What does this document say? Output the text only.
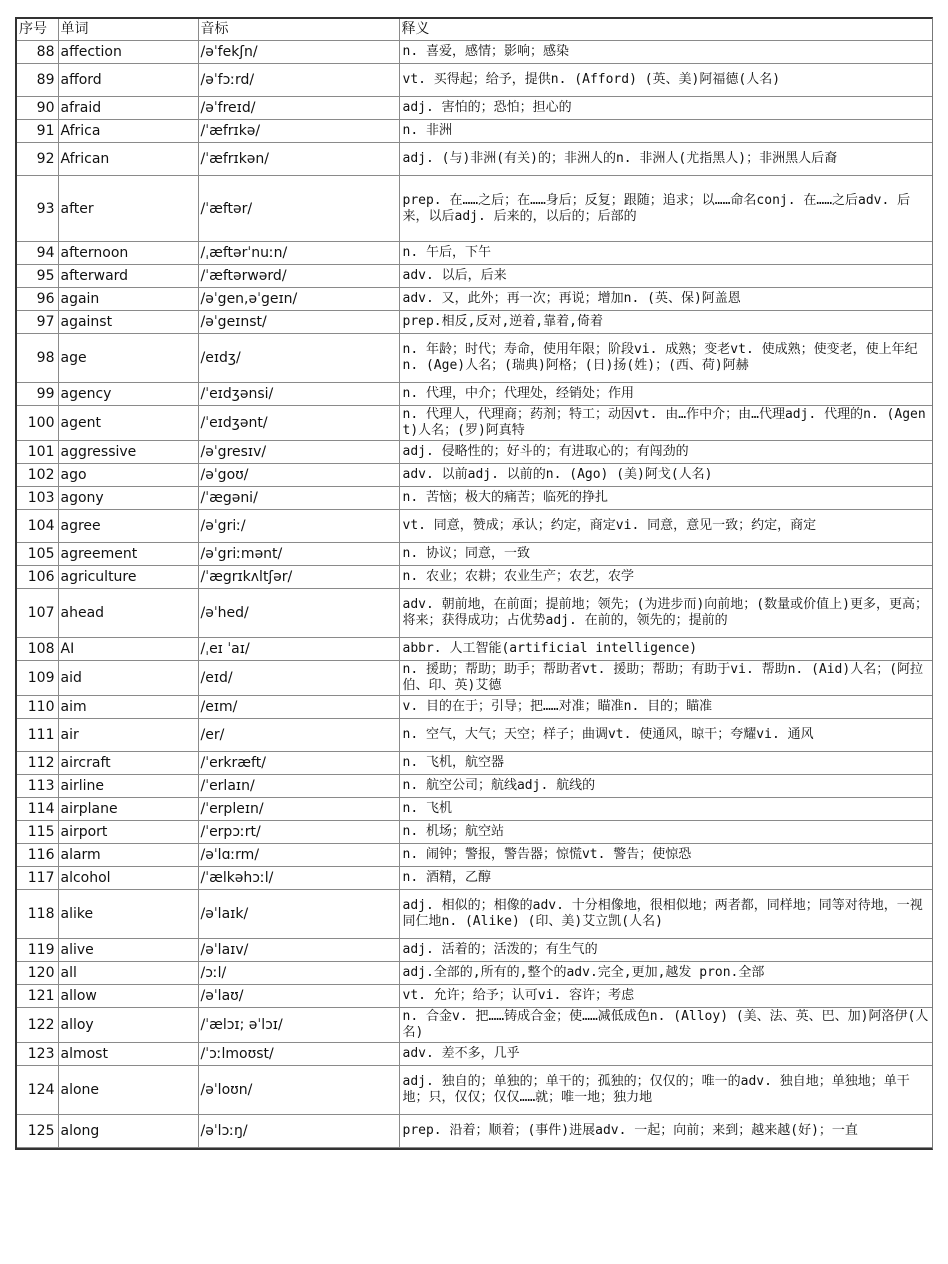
序号	单词	音标	释义
88	affection	/əˈfekʃn/	n. 喜爱，感情；影响；感染
89	afford	/əˈfɔːrd/	vt. 买得起；给予，提供n. (Afford) (英、美)阿福德(人名)
90	afraid	/əˈfreɪd/	adj. 害怕的；恐怕；担心的
91	Africa	/ˈæfrɪkə/	n. 非洲
92	African	/ˈæfrɪkən/	adj. (与)非洲(有关)的；非洲人的n. 非洲人(尤指黑人)；非洲黑人后裔
93	after	/ˈæftər/	prep. 在……之后；在……身后；反复；跟随；追求；以……命名conj. 在……之后adv. 后来，以后adj. 后来的，以后的；后部的
94	afternoon	/ˌæftərˈnuːn/	n. 午后，下午
95	afterward	/ˈæftərwərd/	adv. 以后，后来
96	again	/əˈgen,əˈgeɪn/	adv. 又，此外；再一次；再说；增加n. (英、保)阿盖恩
97	against	/əˈgeɪnst/	prep.相反,反对,逆着,靠着,倚着
98	age	/eɪdʒ/	n. 年龄；时代；寿命，使用年限；阶段vi. 成熟；变老vt. 使成熟；使变老，使上年纪n. (Age)人名；(瑞典)阿格；(日)扬(姓)；(西、荷)阿赫
99	agency	/ˈeɪdʒənsi/	n. 代理，中介；代理处，经销处；作用
100	agent	/ˈeɪdʒənt/	n. 代理人，代理商；药剂；特工；动因vt. 由…作中介；由…代理adj. 代理的n. (Agent)人名；(罗)阿真特
101	aggressive	/əˈgresɪv/	adj. 侵略性的；好斗的；有进取心的；有闯劲的
102	ago	/əˈgoʊ/	adv. 以前adj. 以前的n. (Ago) (美)阿戈(人名)
103	agony	/ˈægəni/	n. 苦恼；极大的痛苦；临死的挣扎
104	agree	/əˈgriː/	vt. 同意，赞成；承认；约定，商定vi. 同意，意见一致；约定，商定
105	agreement	/əˈgriːmənt/	n. 协议；同意，一致
106	agriculture	/ˈægrɪkʌltʃər/	n. 农业；农耕；农业生产；农艺，农学
107	ahead	/əˈhed/	adv. 朝前地，在前面；提前地；领先；(为进步而)向前地；(数量或价值上)更多，更高；将来；获得成功；占优势adj. 在前的，领先的；提前的
108	AI	/ˌeɪ ˈaɪ/	abbr. 人工智能(artificial intelligence)
109	aid	/eɪd/	n. 援助；帮助；助手；帮助者vt. 援助；帮助；有助于vi. 帮助n. (Aid)人名；(阿拉伯、印、英)艾德
110	aim	/eɪm/	v. 目的在于；引导；把……对准；瞄准n. 目的；瞄准
111	air	/er/	n. 空气，大气；天空；样子；曲调vt. 使通风，晾干；夸耀vi. 通风
112	aircraft	/ˈerkræft/	n. 飞机，航空器
113	airline	/ˈerlaɪn/	n. 航空公司；航线adj. 航线的
114	airplane	/ˈerpleɪn/	n. 飞机
115	airport	/ˈerpɔːrt/	n. 机场；航空站
116	alarm	/əˈlɑːrm/	n. 闹钟；警报，警告器；惊慌vt. 警告；使惊恐
117	alcohol	/ˈælkəhɔːl/	n. 酒精，乙醇
118	alike	/əˈlaɪk/	adj. 相似的；相像的adv. 十分相像地，很相似地；两者都，同样地；同等对待地，一视同仁地n. (Alike) (印、美)艾立凯(人名)
119	alive	/əˈlaɪv/	adj. 活着的；活泼的；有生气的
120	all	/ɔːl/	adj.全部的,所有的,整个的adv.完全,更加,越发 pron.全部
121	allow	/əˈlaʊ/	vt. 允许；给予；认可vi. 容许；考虑
122	alloy	/ˈælɔɪ; əˈlɔɪ/	n. 合金v. 把……铸成合金；使……减低成色n. (Alloy) (美、法、英、巴、加)阿洛伊(人名)
123	almost	/ˈɔːlmoʊst/	adv. 差不多，几乎
124	alone	/əˈloʊn/	adj. 独自的；单独的；单干的；孤独的；仅仅的；唯一的adv. 独自地；单独地；单干地；只，仅仅；仅仅……就；唯一地；独力地
125	along	/əˈlɔːŋ/	prep. 沿着；顺着；(事件)进展adv. 一起；向前；来到；越来越(好)；一直
